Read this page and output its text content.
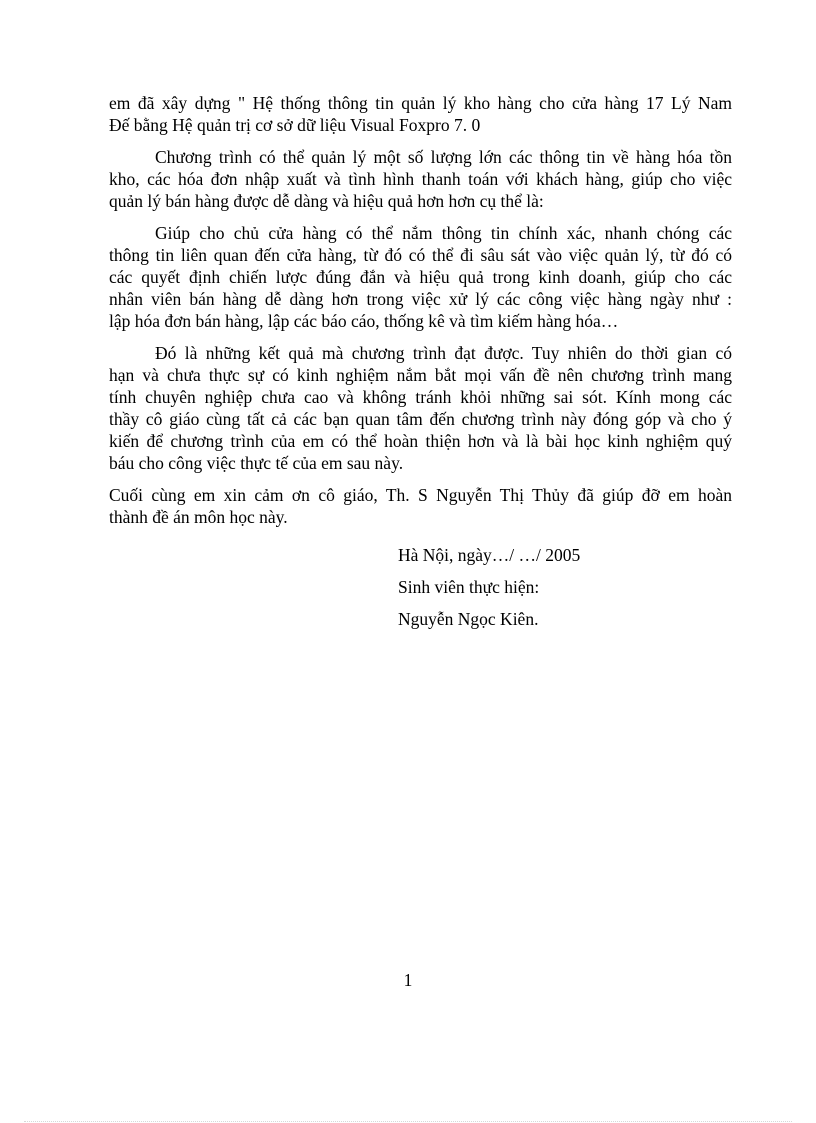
em đã xây dựng " Hệ thống thông tin quản lý kho hàng cho cửa hàng 17 Lý Nam
Đế bằng Hệ quản trị cơ sở dữ liệu Visual Foxpro 7. 0
Chương trình có thể quản lý một số lượng lớn các thông tin về hàng hóa tồn
kho, các hóa đơn nhập xuất và tình hình thanh toán với khách hàng, giúp cho việc
quản lý bán hàng được dễ dàng và hiệu quả hơn hơn cụ thể là:
Giúp cho chủ cửa hàng có thể nắm thông tin chính xác, nhanh chóng các
thông tin liên quan đến cửa hàng, từ đó có thể đi sâu sát vào việc quản lý, từ đó có
các quyết định chiến lược đúng đắn và hiệu quả trong kinh doanh, giúp cho các
nhân viên bán hàng dễ dàng hơn trong việc xử lý các công việc hàng ngày như :
lập hóa đơn bán hàng, lập các báo cáo, thống kê và tìm kiếm hàng hóa…
Đó là những kết quả mà chương trình đạt được. Tuy nhiên do thời gian có
hạn và chưa thực sự có kinh nghiệm nắm bắt mọi vấn đề nên chương trình mang
tính chuyên nghiệp chưa cao và không tránh khỏi những sai sót. Kính mong các
thầy cô giáo cùng tất cả các bạn quan tâm đến chương trình này đóng góp và cho ý
kiến để chương trình của em có thể hoàn thiện hơn và là bài học kinh nghiệm quý
báu cho công việc thực tế của em sau này.
Cuối cùng em xin cảm ơn cô giáo, Th. S Nguyễn Thị Thủy đã giúp đỡ em hoàn
thành đề án môn học này.
Hà Nội, ngày…/ …/ 2005
Sinh viên thực hiện:
Nguyễn Ngọc Kiên.
1
